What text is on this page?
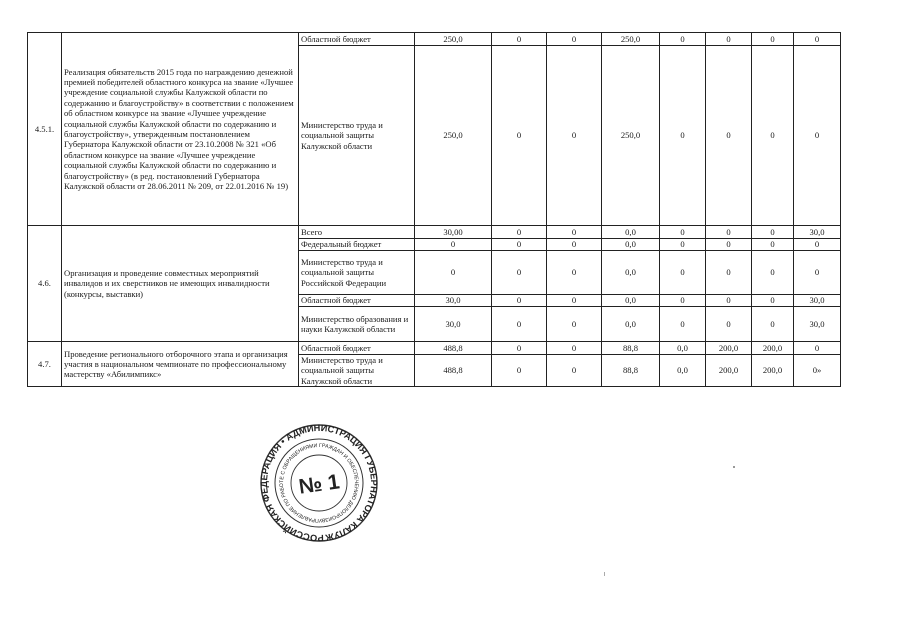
4.5.1.	Реализация обязательств 2015 года по награждению денежной премией победителей областного конкурса на звание «Лучшее учреждение социальной службы Калужской области по содержанию и благоустройству» в соответствии с положением об областном конкурсе на звание «Лучшее учреждение социальной службы Калужской области по содержанию и благоустройству», утвержденным постановлением Губернатора Калужской области от 23.10.2008 № 321 «Об областном конкурсе на звание «Лучшее учреждение социальной службы Калужской области по содержанию и благоустройству» (в ред. постановлений Губернатора Калужской области от 28.06.2011 № 209, от 22.01.2016 № 19)	Областной бюджет	250,0	0	0	250,0	0	0	0	0
		Министерство труда и социальной защиты Калужской области	250,0	0	0	250,0	0	0	0	0
4.6.	Организация и проведение совместных мероприятий инвалидов и их сверстников не имеющих инвалидности (конкурсы, выставки)	Всего	30,00	0	0	0,0	0	0	0	30,0
		Федеральный бюджет	0	0	0	0,0	0	0	0	0
		Министерство труда и социальной защиты Российской Федерации	0	0	0	0,0	0	0	0	0
		Областной бюджет	30,0	0	0	0,0	0	0	0	30,0
		Министерство образования и науки Калужской области	30,0	0	0	0,0	0	0	0	30,0
4.7.	Проведение регионального отборочного этапа и организация участия в национальном чемпионате по профессиональному мастерству «Абилимпикс»	Областной бюджет	488,8	0	0	88,8	0,0	200,0	200,0	0
		Министерство труда и социальной защиты Калужской области	488,8	0	0	88,8	0,0	200,0	200,0	0»
РОССИЙСКАЯ ФЕДЕРАЦИЯ • АДМИНИСТРАЦИЯ ГУБЕРНАТОРА КАЛУЖСКОЙ
УПРАВЛЕНИЕ ПО РАБОТЕ С ОБРАЩЕНИЯМИ ГРАЖДАН И ОБЕСПЕЧЕНИЮ ДЕЛОПРОИЗВОДСТВА
№ 1
